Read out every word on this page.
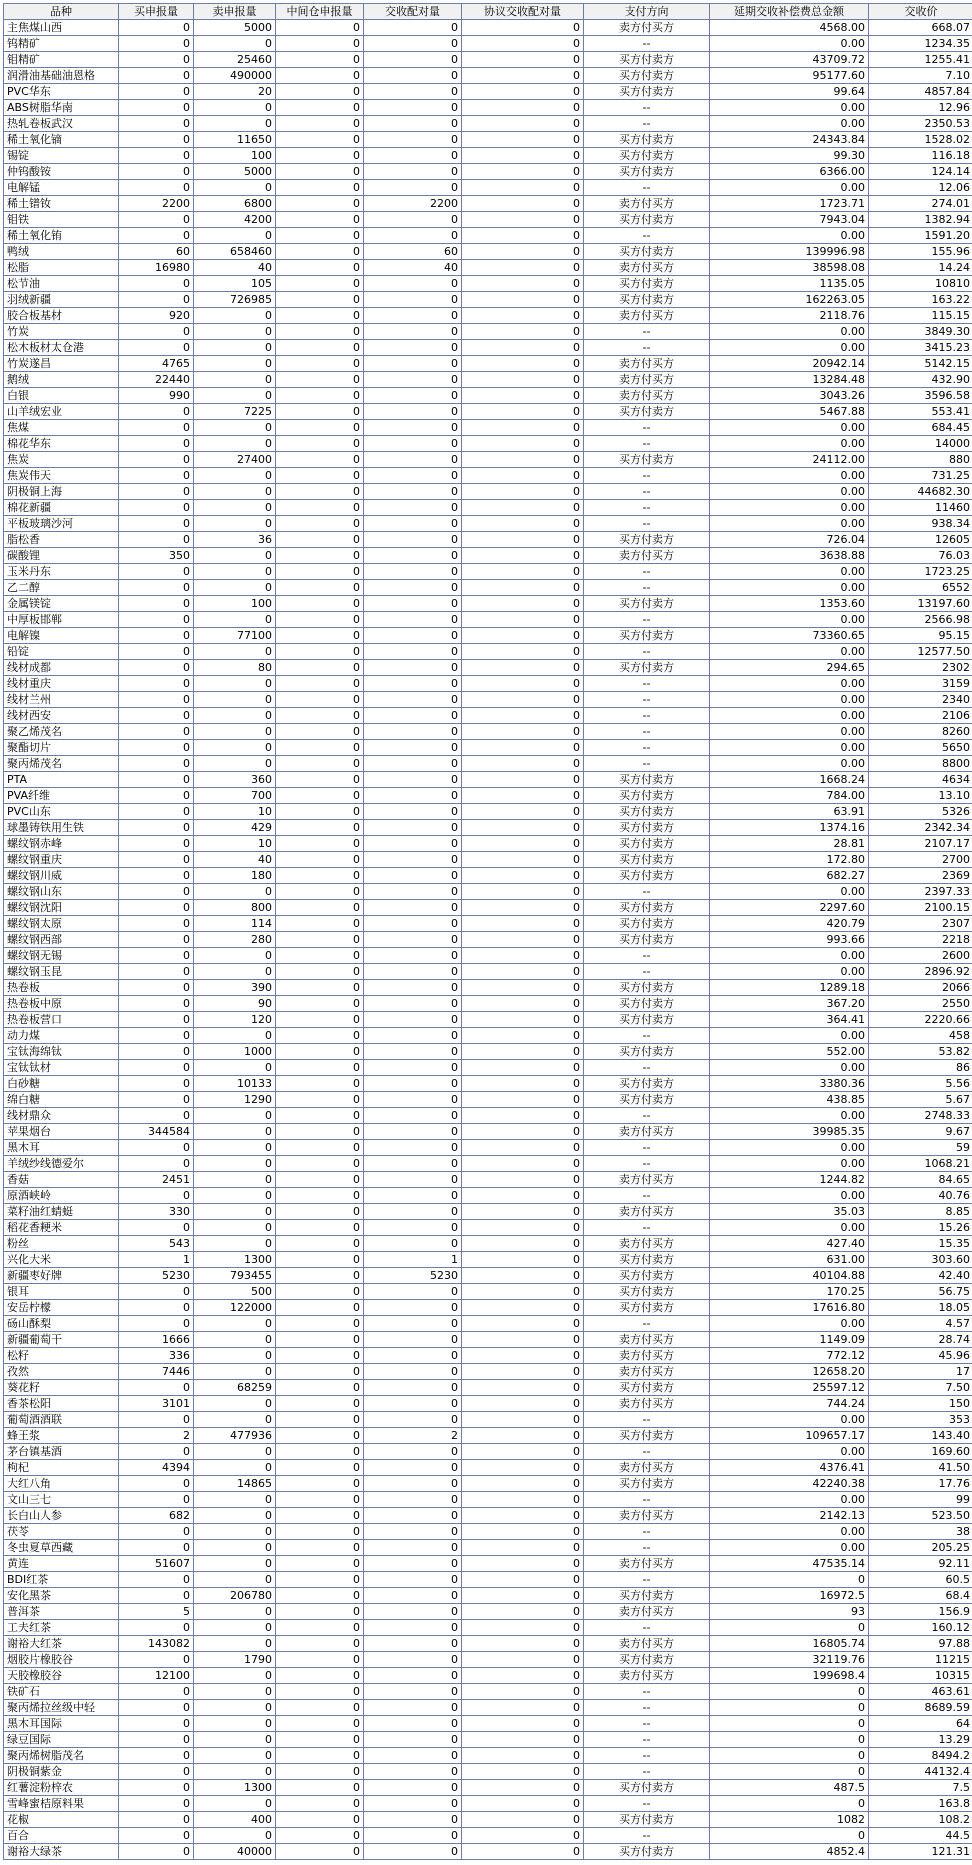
品种	买申报量	卖申报量	中间仓申报量	交收配对量	协议交收配对量	支付方向	延期交收补偿费总金额	交收价
主焦煤山西	0	5000	0	0	0	卖方付买方	4568.00	668.07
钨精矿	0	0	0	0	0	--	0.00	1234.35
钼精矿	0	25460	0	0	0	买方付卖方	43709.72	1255.41
润滑油基础油恩格	0	490000	0	0	0	买方付卖方	95177.60	7.10
PVC华东	0	20	0	0	0	买方付卖方	99.64	4857.84
ABS树脂华南	0	0	0	0	0	--	0.00	12.96
热轧卷板武汉	0	0	0	0	0	--	0.00	2350.53
稀土氧化镝	0	11650	0	0	0	买方付卖方	24343.84	1528.02
锡锭	0	100	0	0	0	买方付卖方	99.30	116.18
仲钨酸铵	0	5000	0	0	0	买方付卖方	6366.00	124.14
电解锰	0	0	0	0	0	--	0.00	12.06
稀土镨钕	2200	6800	0	2200	0	卖方付买方	1723.71	274.01
钼铁	0	4200	0	0	0	买方付卖方	7943.04	1382.94
稀土氧化铕	0	0	0	0	0	--	0.00	1591.20
鸭绒	60	658460	0	60	0	买方付卖方	139996.98	155.96
松脂	16980	40	0	40	0	卖方付买方	38598.08	14.24
松节油	0	105	0	0	0	买方付卖方	1135.05	10810
羽绒新疆	0	726985	0	0	0	买方付卖方	162263.05	163.22
胶合板基材	920	0	0	0	0	卖方付买方	2118.76	115.15
竹炭	0	0	0	0	0	--	0.00	3849.30
松木板材太仓港	0	0	0	0	0	--	0.00	3415.23
竹炭遂昌	4765	0	0	0	0	卖方付买方	20942.14	5142.15
鹅绒	22440	0	0	0	0	卖方付买方	13284.48	432.90
白银	990	0	0	0	0	卖方付买方	3043.26	3596.58
山羊绒宏业	0	7225	0	0	0	买方付卖方	5467.88	553.41
焦煤	0	0	0	0	0	--	0.00	684.45
棉花华东	0	0	0	0	0	--	0.00	14000
焦炭	0	27400	0	0	0	买方付卖方	24112.00	880
焦炭伟天	0	0	0	0	0	--	0.00	731.25
阴极铜上海	0	0	0	0	0	--	0.00	44682.30
棉花新疆	0	0	0	0	0	--	0.00	11460
平板玻璃沙河	0	0	0	0	0	--	0.00	938.34
脂松香	0	36	0	0	0	买方付卖方	726.04	12605
碳酸锂	350	0	0	0	0	卖方付买方	3638.88	76.03
玉米丹东	0	0	0	0	0	--	0.00	1723.25
乙二醇	0	0	0	0	0	--	0.00	6552
金属镁锭	0	100	0	0	0	买方付卖方	1353.60	13197.60
中厚板邯郸	0	0	0	0	0	--	0.00	2566.98
电解镍	0	77100	0	0	0	买方付卖方	73360.65	95.15
铅锭	0	0	0	0	0	--	0.00	12577.50
线材成都	0	80	0	0	0	买方付卖方	294.65	2302
线材重庆	0	0	0	0	0	--	0.00	3159
线材兰州	0	0	0	0	0	--	0.00	2340
线材西安	0	0	0	0	0	--	0.00	2106
聚乙烯茂名	0	0	0	0	0	--	0.00	8260
聚酯切片	0	0	0	0	0	--	0.00	5650
聚丙烯茂名	0	0	0	0	0	--	0.00	8800
PTA	0	360	0	0	0	买方付卖方	1668.24	4634
PVA纤维	0	700	0	0	0	买方付卖方	784.00	13.10
PVC山东	0	10	0	0	0	买方付卖方	63.91	5326
球墨铸铁用生铁	0	429	0	0	0	买方付卖方	1374.16	2342.34
螺纹钢赤峰	0	10	0	0	0	买方付卖方	28.81	2107.17
螺纹钢重庆	0	40	0	0	0	买方付卖方	172.80	2700
螺纹钢川威	0	180	0	0	0	买方付卖方	682.27	2369
螺纹钢山东	0	0	0	0	0	--	0.00	2397.33
螺纹钢沈阳	0	800	0	0	0	买方付卖方	2297.60	2100.15
螺纹钢太原	0	114	0	0	0	买方付卖方	420.79	2307
螺纹钢西部	0	280	0	0	0	买方付卖方	993.66	2218
螺纹钢无锡	0	0	0	0	0	--	0.00	2600
螺纹钢玉昆	0	0	0	0	0	--	0.00	2896.92
热卷板	0	390	0	0	0	买方付卖方	1289.18	2066
热卷板中原	0	90	0	0	0	买方付卖方	367.20	2550
热卷板营口	0	120	0	0	0	买方付卖方	364.41	2220.66
动力煤	0	0	0	0	0	--	0.00	458
宝钛海绵钛	0	1000	0	0	0	买方付卖方	552.00	53.82
宝钛钛材	0	0	0	0	0	--	0.00	86
白砂糖	0	10133	0	0	0	买方付卖方	3380.36	5.56
绵白糖	0	1290	0	0	0	买方付卖方	438.85	5.67
线材鼎众	0	0	0	0	0	--	0.00	2748.33
苹果烟台	344584	0	0	0	0	卖方付买方	39985.35	9.67
黑木耳	0	0	0	0	0	--	0.00	59
羊绒纱线德爱尔	0	0	0	0	0	--	0.00	1068.21
香菇	2451	0	0	0	0	卖方付买方	1244.82	84.65
原酒峡岭	0	0	0	0	0	--	0.00	40.76
菜籽油红蜻蜓	330	0	0	0	0	卖方付买方	35.03	8.85
稻花香粳米	0	0	0	0	0	--	0.00	15.26
粉丝	543	0	0	0	0	卖方付买方	427.40	15.35
兴化大米	1	1300	0	1	0	买方付卖方	631.00	303.60
新疆枣好牌	5230	793455	0	5230	0	买方付卖方	40104.88	42.40
银耳	0	500	0	0	0	买方付卖方	170.25	56.75
安岳柠檬	0	122000	0	0	0	买方付卖方	17616.80	18.05
砀山酥梨	0	0	0	0	0	--	0.00	4.57
新疆葡萄干	1666	0	0	0	0	卖方付买方	1149.09	28.74
松籽	336	0	0	0	0	卖方付买方	772.12	45.96
孜然	7446	0	0	0	0	卖方付买方	12658.20	17
葵花籽	0	68259	0	0	0	买方付卖方	25597.12	7.50
香茶松阳	3101	0	0	0	0	卖方付买方	744.24	150
葡萄酒酒联	0	0	0	0	0	--	0.00	353
蜂王浆	2	477936	0	2	0	买方付卖方	109657.17	143.40
茅台镇基酒	0	0	0	0	0	--	0.00	169.60
枸杞	4394	0	0	0	0	卖方付买方	4376.41	41.50
大红八角	0	14865	0	0	0	买方付卖方	42240.38	17.76
文山三七	0	0	0	0	0	--	0.00	99
长白山人参	682	0	0	0	0	卖方付买方	2142.13	523.50
茯苓	0	0	0	0	0	--	0.00	38
冬虫夏草西藏	0	0	0	0	0	--	0.00	205.25
黄连	51607	0	0	0	0	卖方付买方	47535.14	92.11
BDI红茶	0	0	0	0	0	--	0	60.5
安化黑茶	0	206780	0	0	0	买方付卖方	16972.5	68.4
普洱茶	5	0	0	0	0	卖方付买方	93	156.9
工夫红茶	0	0	0	0	0	--	0	160.12
谢裕大红茶	143082	0	0	0	0	卖方付买方	16805.74	97.88
烟胶片橡胶谷	0	1790	0	0	0	买方付卖方	32119.76	11215
天胶橡胶谷	12100	0	0	0	0	卖方付买方	199698.4	10315
铁矿石	0	0	0	0	0	--	0	463.61
聚丙烯拉丝级中轻	0	0	0	0	0	--	0	8689.59
黑木耳国际	0	0	0	0	0	--	0	64
绿豆国际	0	0	0	0	0	--	0	13.29
聚丙烯树脂茂名	0	0	0	0	0	--	0	8494.2
阴极铜紫金	0	0	0	0	0	--	0	44132.4
红薯淀粉梓农	0	1300	0	0	0	买方付卖方	487.5	7.5
雪峰蜜桔原料果	0	0	0	0	0	--	0	163.8
花椒	0	400	0	0	0	买方付卖方	1082	108.2
百合	0	0	0	0	0	--	0	44.5
谢裕大绿茶	0	40000	0	0	0	买方付卖方	4852.4	121.31
